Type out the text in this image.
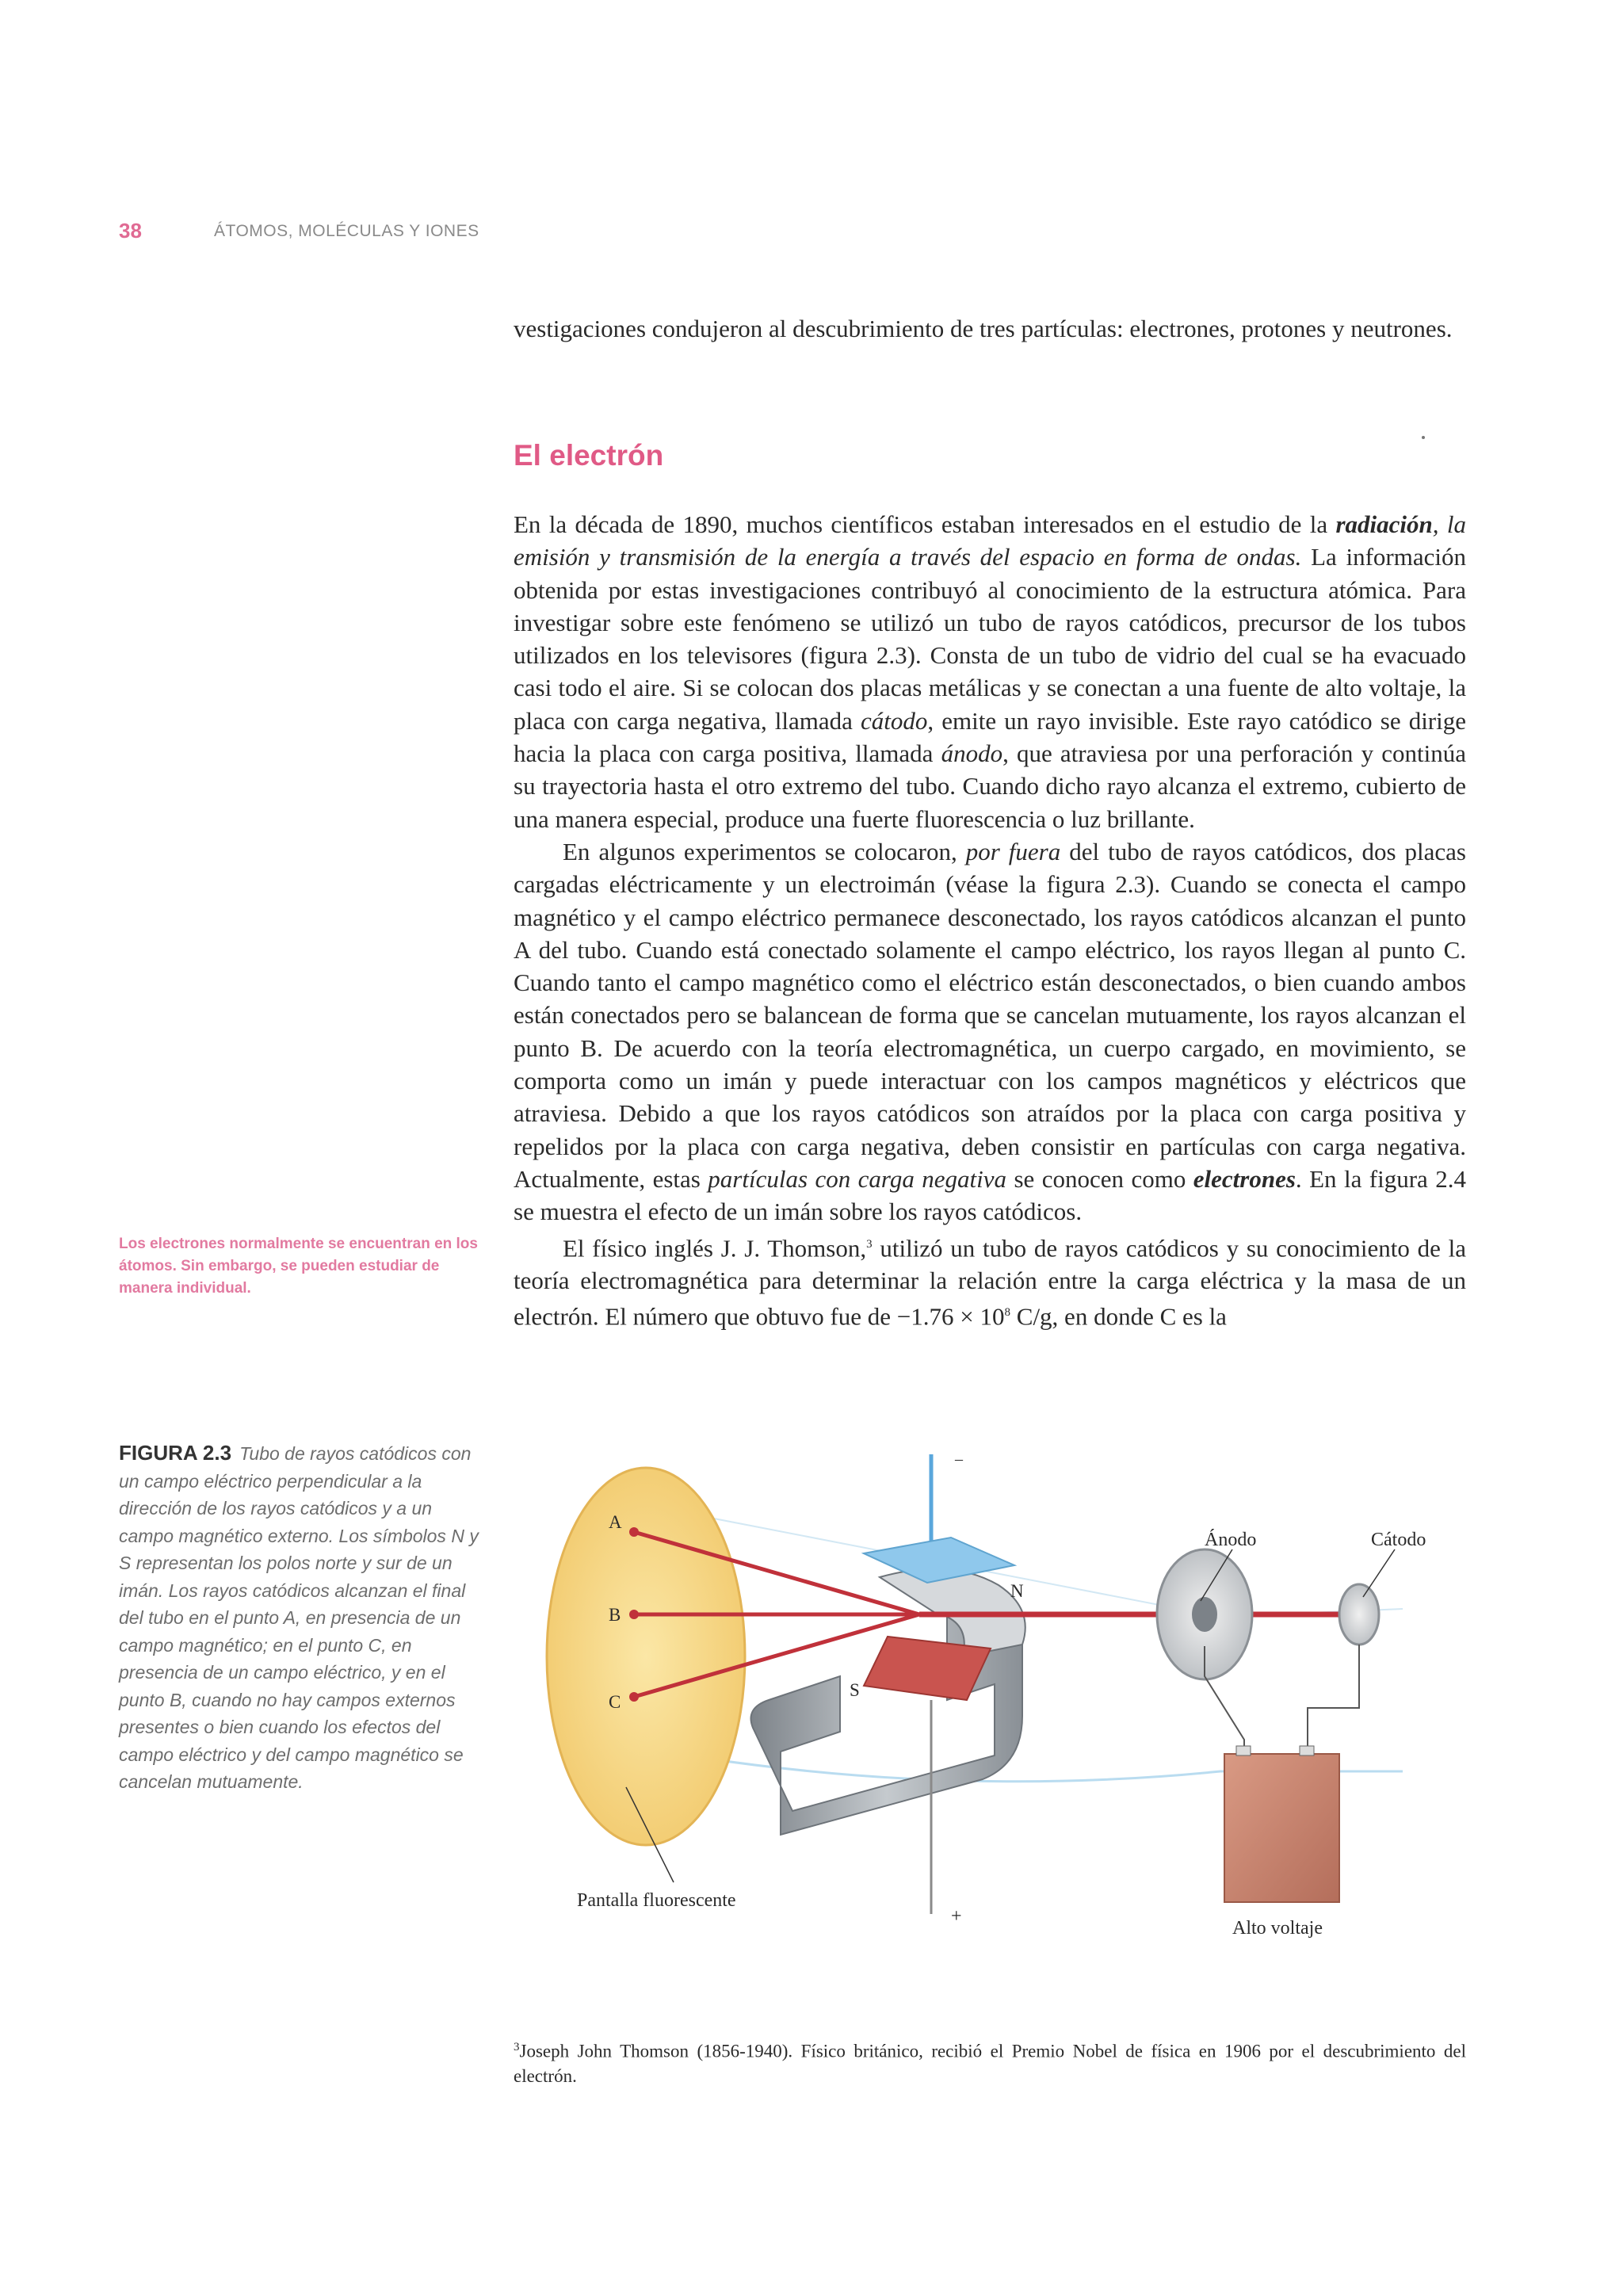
38	ÁTOMOS, MOLÉCULAS Y IONES

vestigaciones condujeron al descubrimiento de tres partículas: electrones, protones y neutrones.

El electrón

En la década de 1890, muchos científicos estaban interesados en el estudio de la radiación, la emisión y transmisión de la energía a través del espacio en forma de ondas. La información obtenida por estas investigaciones contribuyó al conocimiento de la estructura atómica. Para investigar sobre este fenómeno se utilizó un tubo de rayos catódicos, precursor de los tubos utilizados en los televisores (figura 2.3). Consta de un tubo de vidrio del cual se ha evacuado casi todo el aire. Si se colocan dos placas metálicas y se conectan a una fuente de alto voltaje, la placa con carga negativa, llamada cátodo, emite un rayo invisible. Este rayo catódico se dirige hacia la placa con carga positiva, llamada ánodo, que atraviesa por una perforación y continúa su trayectoria hasta el otro extremo del tubo. Cuando dicho rayo alcanza el extremo, cubierto de una manera especial, produce una fuerte fluorescencia o luz brillante.

En algunos experimentos se colocaron, por fuera del tubo de rayos catódicos, dos placas cargadas eléctricamente y un electroimán (véase la figura 2.3). Cuando se conecta el campo magnético y el campo eléctrico permanece desconectado, los rayos catódicos alcanzan el punto A del tubo. Cuando está conectado solamente el campo eléctrico, los rayos llegan al punto C. Cuando tanto el campo magnético como el eléctrico están desconectados, o bien cuando ambos están conectados pero se balancean de forma que se cancelan mutuamente, los rayos alcanzan el punto B. De acuerdo con la teoría electromagnética, un cuerpo cargado, en movimiento, se comporta como un imán y puede interactuar con los campos magnéticos y eléctricos que atraviesa. Debido a que los rayos catódicos son atraídos por la placa con carga positiva y repelidos por la placa con carga negativa, deben consistir en partículas con carga negativa. Actualmente, estas partículas con carga negativa se conocen como electrones. En la figura 2.4 se muestra el efecto de un imán sobre los rayos catódicos.

El físico inglés J. J. Thomson,$^3$ utilizó un tubo de rayos catódicos y su conocimiento de la teoría electromagnética para determinar la relación entre la carga eléctrica y la masa de un electrón. El número que obtuvo fue de $-1.76 \times 10^8$ C/g, en donde C es la

Los electrones normalmente se encuentran en los átomos. Sin embargo, se pueden estudiar de manera individual.
FIGURA 2.3 Tubo de rayos catódicos con un campo eléctrico perpendicular a la dirección de los rayos catódicos y a un campo magnético externo. Los símbolos N y S representan los polos norte y sur de un imán. Los rayos catódicos alcanzan el final del tubo en el punto A, en presencia de un campo magnético; en el punto C, en presencia de un campo eléctrico, y en el punto B, cuando no hay campos externos presentes o bien cuando los efectos del campo eléctrico y del campo magnético se cancelan mutuamente.
A
B
C
N
S
–
+
Ánodo	Cátodo
Pantalla fluorescente
Alto voltaje
$^3$Joseph John Thomson (1856-1940). Físico británico, recibió el Premio Nobel de física en 1906 por el descubrimiento del electrón.
